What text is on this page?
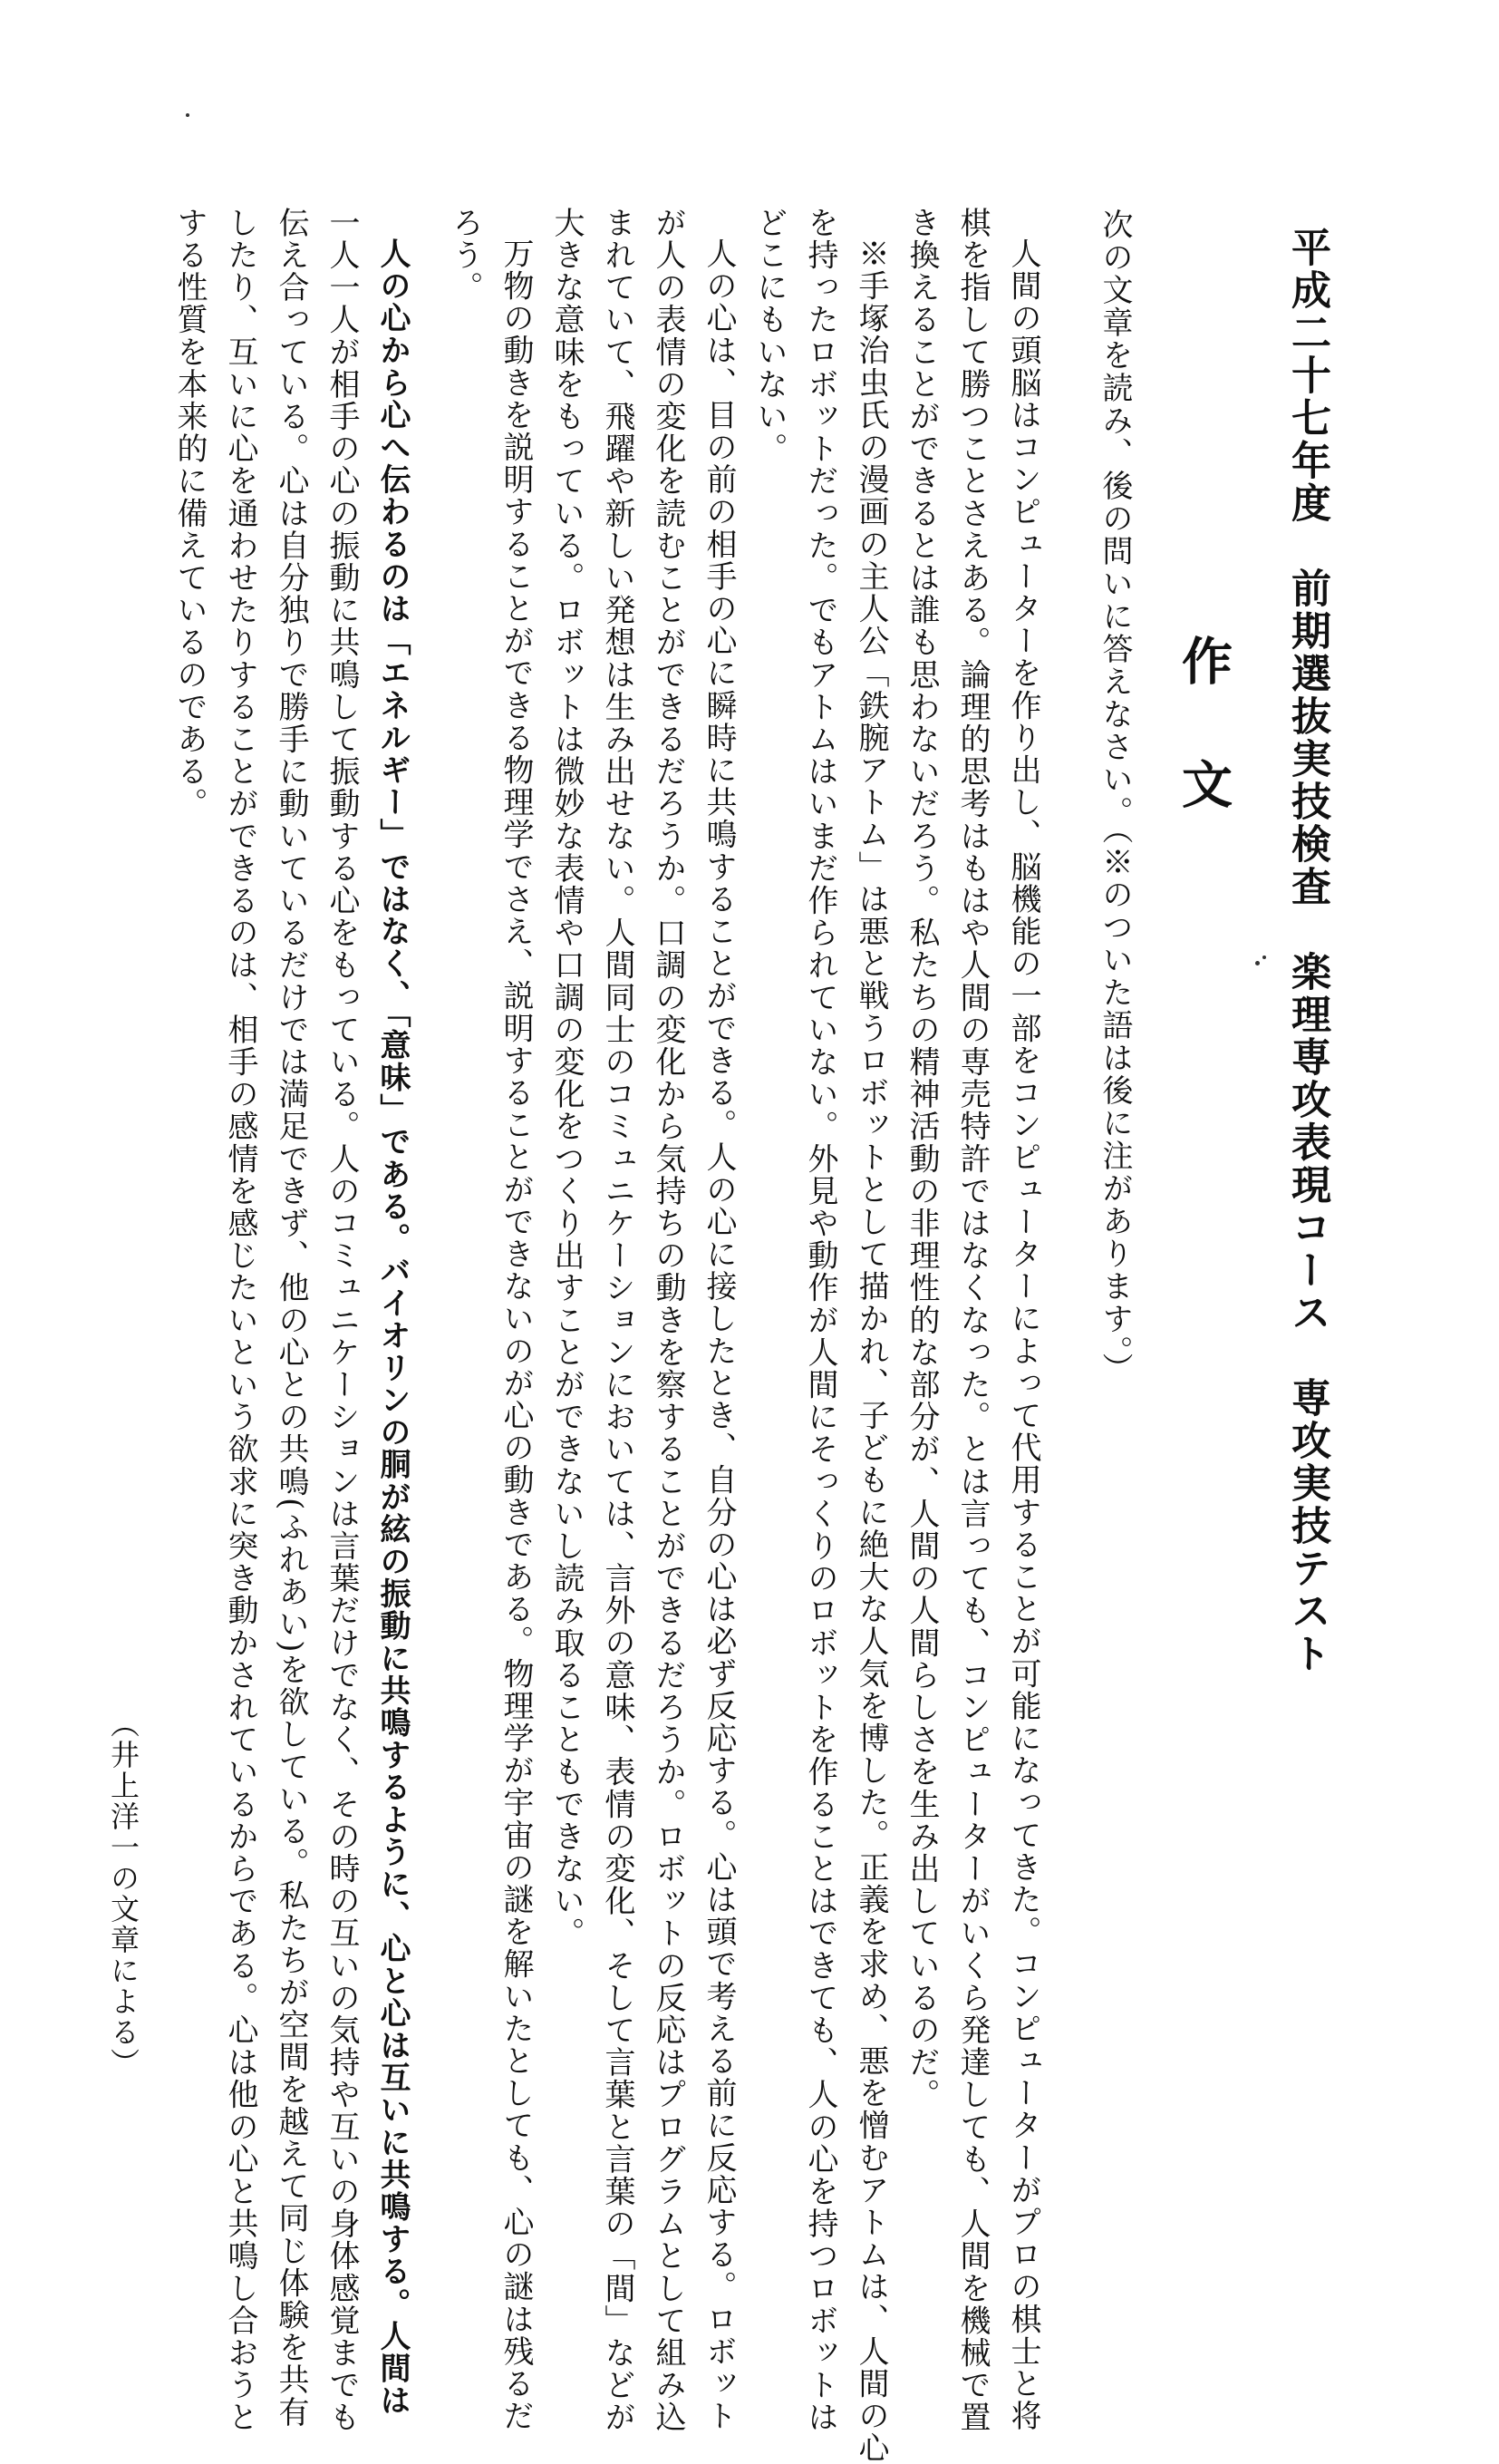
平成二十七年度　前期選抜実技検査　楽理専攻表現コース　専攻実技テスト
作文
次の文章を読み、後の問いに答えなさい。（※のついた語は後に注があります。）
人間の頭脳はコンピューターを作り出し、脳機能の一部をコンピューターによって代用することが可能になってきた。コンピューターがプロの棋士と将
棋を指して勝つことさえある。論理的思考はもはや人間の専売特許ではなくなった。とは言っても、コンピューターがいくら発達しても、人間を機械で置
き換えることができるとは誰も思わないだろう。私たちの精神活動の非理性的な部分が、人間の人間らしさを生み出しているのだ。
※手塚治虫氏の漫画の主人公「鉄腕アトム」は悪と戦うロボットとして描かれ、子どもに絶大な人気を博した。正義を求め、悪を憎むアトムは、人間の心
を持ったロボットだった。でもアトムはいまだ作られていない。外見や動作が人間にそっくりのロボットを作ることはできても、人の心を持つロボットは
どこにもいない。
人の心は、目の前の相手の心に瞬時に共鳴することができる。人の心に接したとき、自分の心は必ず反応する。心は頭で考える前に反応する。ロボット
が人の表情の変化を読むことができるだろうか。口調の変化から気持ちの動きを察することができるだろうか。ロボットの反応はプログラムとして組み込
まれていて、飛躍や新しい発想は生み出せない。人間同士のコミュニケーションにおいては、言外の意味、表情の変化、そして言葉と言葉の「間」などが
大きな意味をもっている。ロボットは微妙な表情や口調の変化をつくり出すことができないし読み取ることもできない。
万物の動きを説明することができる物理学でさえ、説明することができないのが心の動きである。物理学が宇宙の謎を解いたとしても、心の謎は残るだ
ろう。
人の心から心へ伝わるのは「エネルギー」ではなく、「意味」である。バイオリンの胴が絃の振動に共鳴するように、心と心は互いに共鳴する。人間は
一人一人が相手の心の振動に共鳴して振動する心をもっている。人のコミュニケーションは言葉だけでなく、その時の互いの気持や互いの身体感覚までも
伝え合っている。心は自分独りで勝手に動いているだけでは満足できず、他の心との共鳴(ふれあい)を欲している。私たちが空間を越えて同じ体験を共有
したり、互いに心を通わせたりすることができるのは、相手の感情を感じたいという欲求に突き動かされているからである。心は他の心と共鳴し合おうと
する性質を本来的に備えているのである。
（井上洋一の文章による）
